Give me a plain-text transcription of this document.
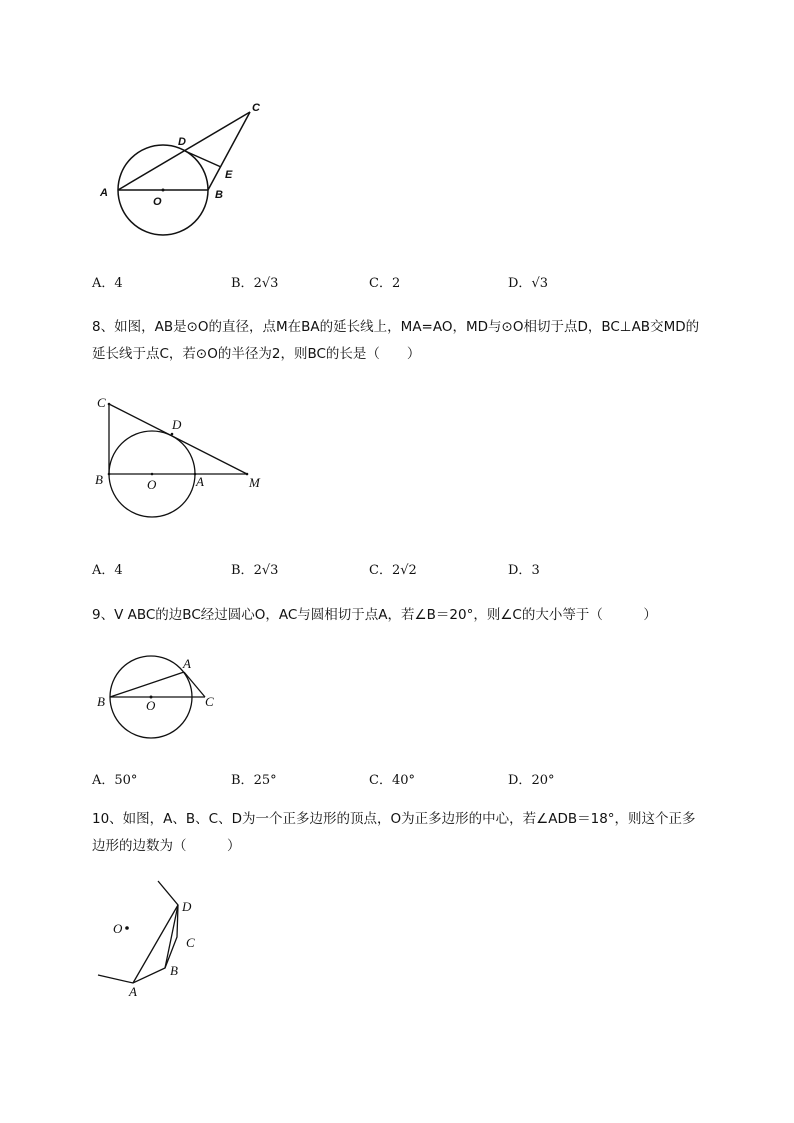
A
O
B
C
D
E
A．4	B．2√3	C．2	D．√3
8、如图，AB是⊙O的直径，点M在BA的延长线上，MA=AO，MD与⊙O相切于点D，BC⊥AB交MD的
延长线于点C，若⊙O的半径为2，则BC的长是（　　）
C
D
B	O	A	M
A．4	B．2√3	C．2√2	D．3
9、V ABC的边BC经过圆心O，AC与圆相切于点A，若∠B＝20°，则∠C的大小等于（　　　）
A
B	O	C
A．50°	B．25°	C．40°	D．20°
10、如图，A、B、C、D为一个正多边形的顶点，O为正多边形的中心，若∠ADB＝18°，则这个正多
边形的边数为（　　　）
O
D
C
B
A
